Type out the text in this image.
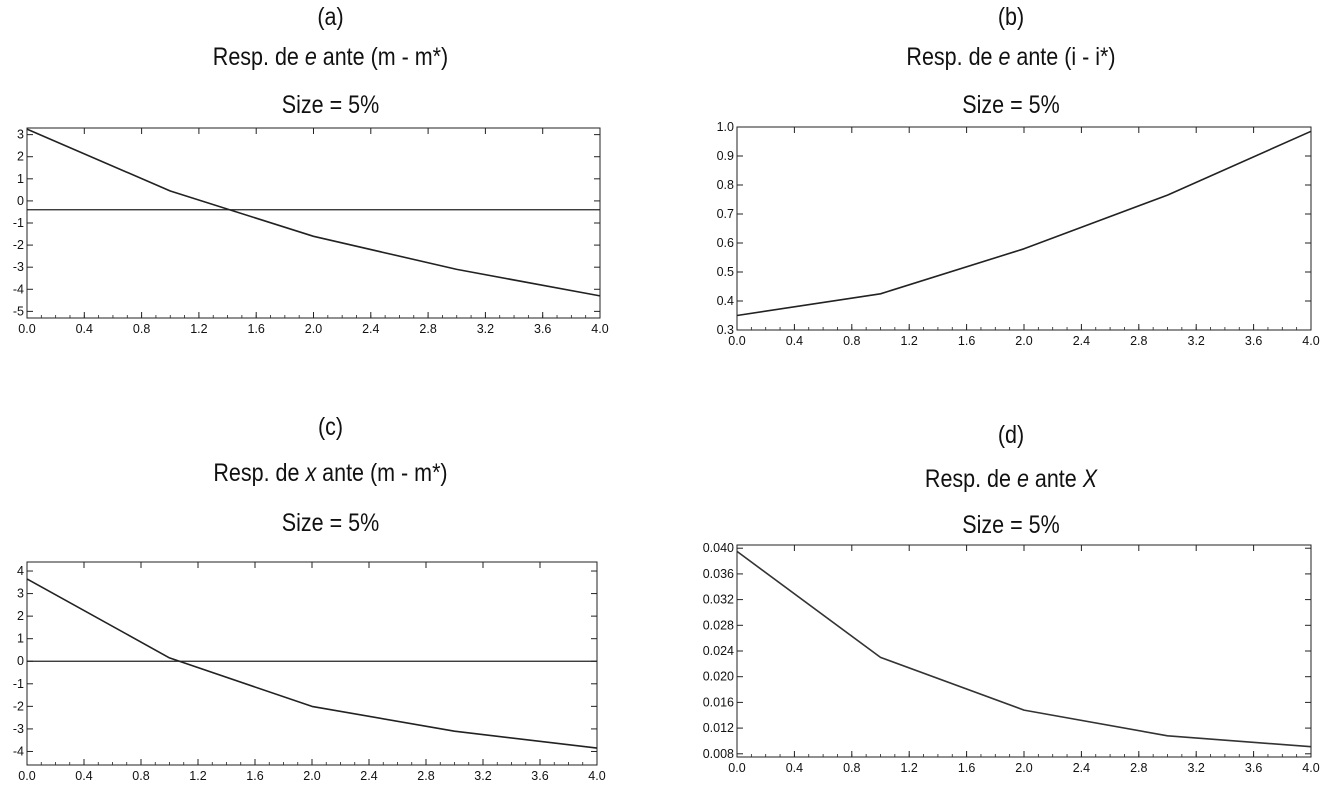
(a)
Resp. de e ante (m - m*)
Size = 5%
0.0	0.4	0.8	1.2	1.6	2.0	2.4	2.8	3.2	3.6	4.0
3
2
1
0
-1
-2
-3
-4
-5
(b)
Resp. de e ante (i - i*)
Size = 5%
0.0	0.4	0.8	1.2	1.6	2.0	2.4	2.8	3.2	3.6	4.0
1.0
0.9
0.8
0.7
0.6
0.5
0.4
0.3
(c)
Resp. de x ante (m - m*)
Size = 5%
0.0	0.4	0.8	1.2	1.6	2.0	2.4	2.8	3.2	3.6	4.0
4
3
2
1
0
-1
-2
-3
-4
(d)
Resp. de e ante X
Size = 5%
0.0	0.4	0.8	1.2	1.6	2.0	2.4	2.8	3.2	3.6	4.0
0.040
0.036
0.032
0.028
0.024
0.020
0.016
0.012
0.008
